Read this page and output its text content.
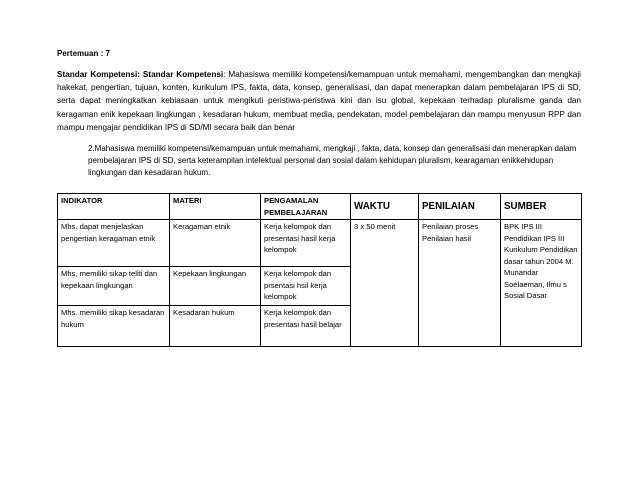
Pertemuan : 7
Standar Kompetensi: Standar Kompetensi: Mahasiswa memiliki kompetensi/kemampuan untuk memahami, mengembangkan dan mengkaji hakekat, pengertian, tujuan, konten, kurikulum IPS, fakta, data, konsep, generalisasi, dan dapat menerapkan dalam pembelajaran IPS di SD, serta dapat meningkatkan kebiasaan untuk mengikuti peristiwa-peristiwa kini dan isu global, kepekaan terhadap pluralisme ganda dan keragaman enik kepekaan lingkungan , kesadaran hukum, membuat media, pendekatan, model pembelajaran dan mampu menyusun RPP dan mampu mengajar pendidikan IPS di SD/MI secara baik dan benar
2.Mahasiswa memiliki kompetensi/kemampuan untuk memahami, mengkaji , fakta, data, konsep dan generalisasi dan menerapkan dalam pembelajaran IPS di SD, serta keterampilan intelektual personal dan sosial dalam kehidupan pluralism, kearagaman enikkehidupan lingkungan dan kesadaran hukum.
INDIKATOR	MATERI	PENGAMALAN PEMBELAJARAN	WAKTU	PENILAIAN	SUMBER
Mhs. dapat menjelaskan pengertian keragaman etnik	Keragaman etnik	Kerja kelompok dan presentasi hasil kerja kelompok	3 x 50 menit	Penilaian proses Penilaian hasil	BPK IPS III Pendidikan IPS III Kurikulum Pendidikan dasar tahun 2004 M. Munandar Soelaeman, Ilmu s Sosial Dasar
Mhs, memiliki sikap teliti dan kepekaan lingkungan	Kepekaan lingkungan	Kerja kelompok dan prsentasi hsil kerja kelompok			
Mhs. memiliki sikap kesadaran hukum	Kesadaran hukum	Kerja kelompok dan presentasi hasil belajar			
